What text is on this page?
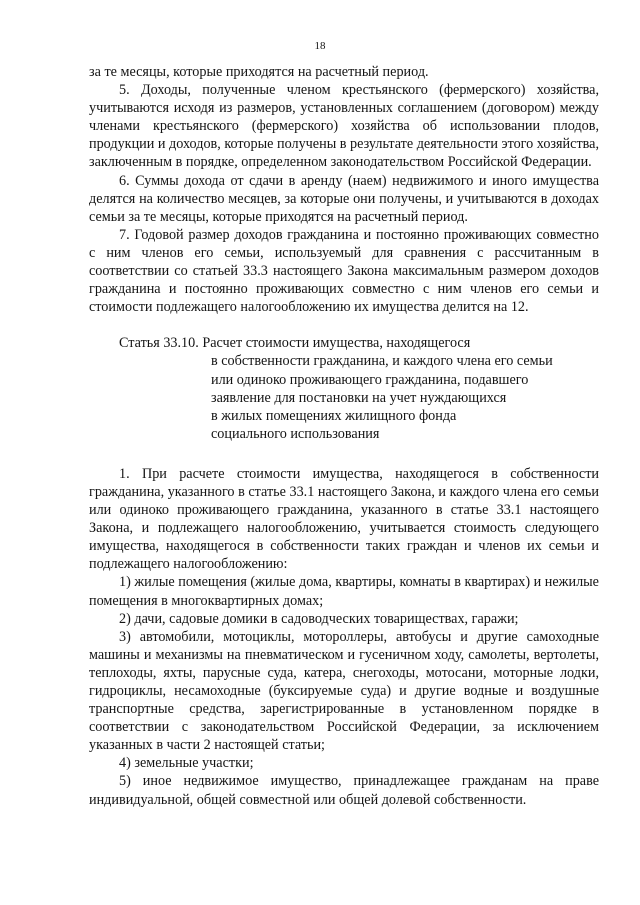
18

за те месяцы, которые приходятся на расчетный период.

5. Доходы, полученные членом крестьянского (фермерского) хозяйства, учитываются исходя из размеров, установленных соглашением (договором) между членами крестьянского (фермерского) хозяйства об использовании плодов, продукции и доходов, которые получены в результате деятельности этого хозяйства, заключенным в порядке, определенном законодательством Российской Федерации.

6. Суммы дохода от сдачи в аренду (наем) недвижимого и иного имущества делятся на количество месяцев, за которые они получены, и учитываются в доходах семьи за те месяцы, которые приходятся на расчетный период.

7. Годовой размер доходов гражданина и постоянно проживающих совместно с ним членов его семьи, используемый для сравнения с рассчитанным в соответствии со статьей 33.3 настоящего Закона максимальным размером доходов гражданина и постоянно проживающих совместно с ним членов его семьи и стоимости подлежащего налогообложению их имущества делится на 12.

Статья 33.10. Расчет стоимости имущества, находящегося
в собственности гражданина, и каждого члена его семьи
или одиноко проживающего гражданина, подавшего
заявление для постановки на учет нуждающихся
в жилых помещениях жилищного фонда
социального использования

1. При расчете стоимости имущества, находящегося в собственности гражданина, указанного в статье 33.1 настоящего Закона, и каждого члена его семьи или одиноко проживающего гражданина, указанного в статье 33.1 настоящего Закона, и подлежащего налогообложению, учитывается стоимость следующего имущества, находящегося в собственности таких граждан и членов их семьи и подлежащего налогообложению:

1) жилые помещения (жилые дома, квартиры, комнаты в квартирах) и нежилые помещения в многоквартирных домах;

2) дачи, садовые домики в садоводческих товариществах, гаражи;

3) автомобили, мотоциклы, мотороллеры, автобусы и другие самоходные машины и механизмы на пневматическом и гусеничном ходу, самолеты, вертолеты, теплоходы, яхты, парусные суда, катера, снегоходы, мотосани, моторные лодки, гидроциклы, несамоходные (буксируемые суда) и другие водные и воздушные транспортные средства, зарегистрированные в установленном порядке в соответствии с законодательством Российской Федерации, за исключением указанных в части 2 настоящей статьи;

4) земельные участки;

5) иное недвижимое имущество, принадлежащее гражданам на праве индивидуальной, общей совместной или общей долевой собственности.
